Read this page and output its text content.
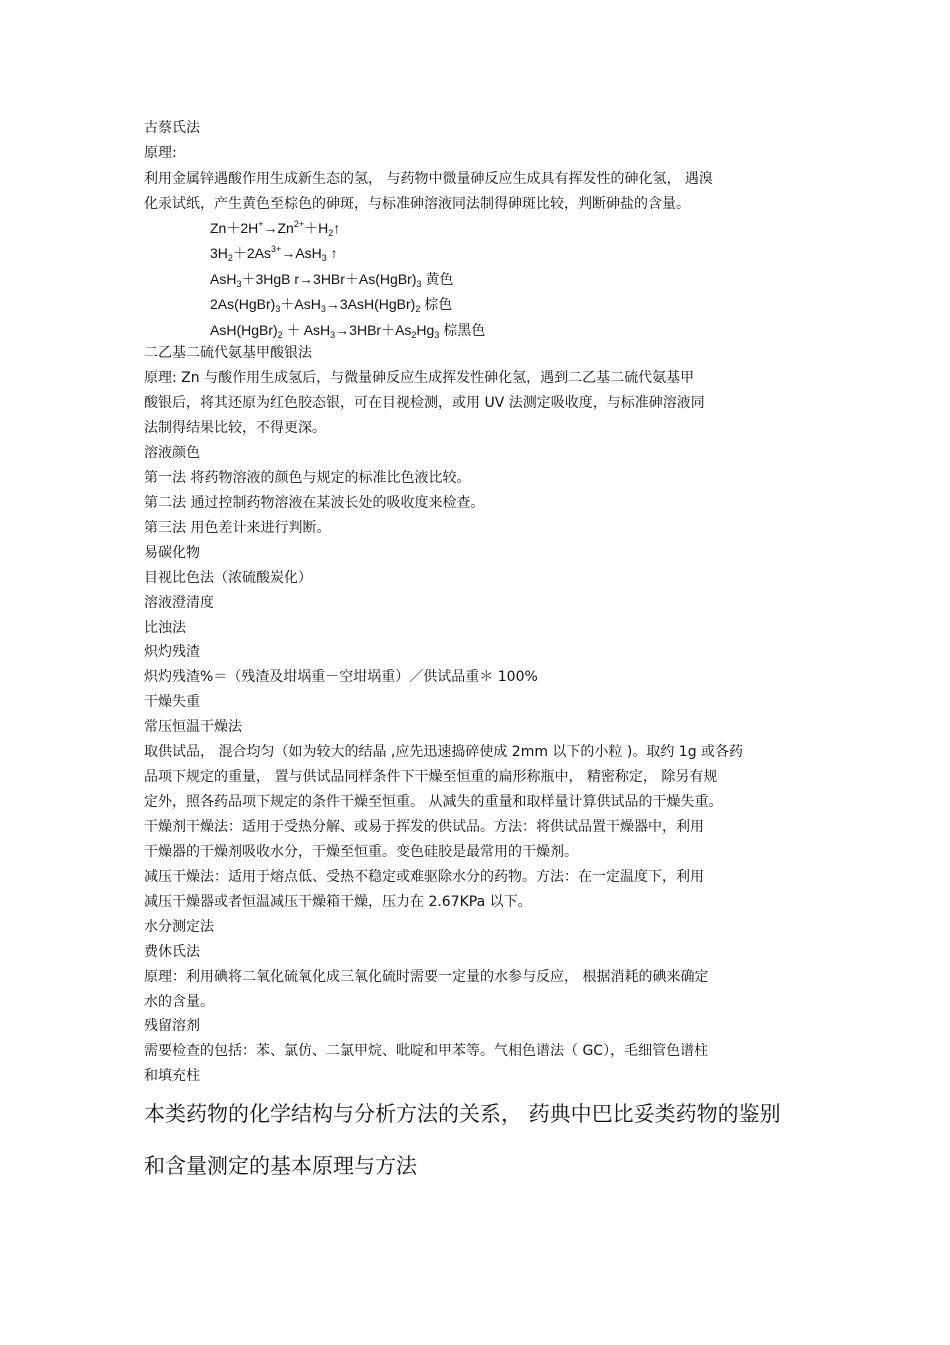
古蔡氏法
原理:
利用金属锌遇酸作用生成新生态的氢， 与药物中微量砷反应生成具有挥发性的砷化氢， 遇溴
化汞试纸，产生黄色至棕色的砷斑，与标准砷溶液同法制得砷斑比较，判断砷盐的含量。
$Zn+2H^+\to Zn^{2+}+H_2↑$
$3H_2+2As^{3+}\to AsH_3$ ↑
AsH$_3$＋3HgB $r\to 3HBr+As(HgBr)_3$ 黄色
$2As(HgBr)_3+AsH_3\to 3AsH(HgBr)_2$ 棕色
$AsH(HgBr)_2 + AsH_3\to 3HBr+As_2Hg_3$ 棕黑色
二乙基二硫代氨基甲酸银法
原理: Zn 与酸作用生成氢后，与微量砷反应生成挥发性砷化氢，遇到二乙基二硫代氨基甲
酸银后，将其还原为红色胶态银，可在目视检测，或用 UV 法测定吸收度，与标准砷溶液同
法制得结果比较，不得更深。
溶液颜色
第一法 将药物溶液的颜色与规定的标准比色液比较。
第二法 通过控制药物溶液在某波长处的吸收度来检查。
第三法 用色差计来进行判断。
易碳化物
目视比色法（浓硫酸炭化）
溶液澄清度
比浊法
炽灼残渣
炽灼残渣%＝（残渣及坩埚重－空坩埚重）／供试品重＊ 100%
干燥失重
常压恒温干燥法
取供试品， 混合均匀（如为较大的结晶 ,应先迅速捣碎使成 2mm 以下的小粒 )。取约 1g 或各药
品项下规定的重量， 置与供试品同样条件下干燥至恒重的扁形称瓶中， 精密称定， 除另有规
定外，照各药品项下规定的条件干燥至恒重。 从减失的重量和取样量计算供试品的干燥失重。
干燥剂干燥法：适用于受热分解、或易于挥发的供试品。方法：将供试品置干燥器中，利用
干燥器的干燥剂吸收水分，干燥至恒重。变色硅胶是最常用的干燥剂。
减压干燥法：适用于熔点低、受热不稳定或难驱除水分的药物。方法：在一定温度下，利用
减压干燥器或者恒温减压干燥箱干燥，压力在 2.67KPa 以下。
水分测定法
费休氏法
原理：利用碘将二氧化硫氧化成三氧化硫时需要一定量的水参与反应， 根据消耗的碘来确定
水的含量。
残留溶剂
需要检查的包括：苯、氯仿、二氯甲烷、吡啶和甲苯等。气相色谱法（ GC），毛细管色谱柱
和填充柱
本类药物的化学结构与分析方法的关系， 药典中巴比妥类药物的鉴别
和含量测定的基本原理与方法
